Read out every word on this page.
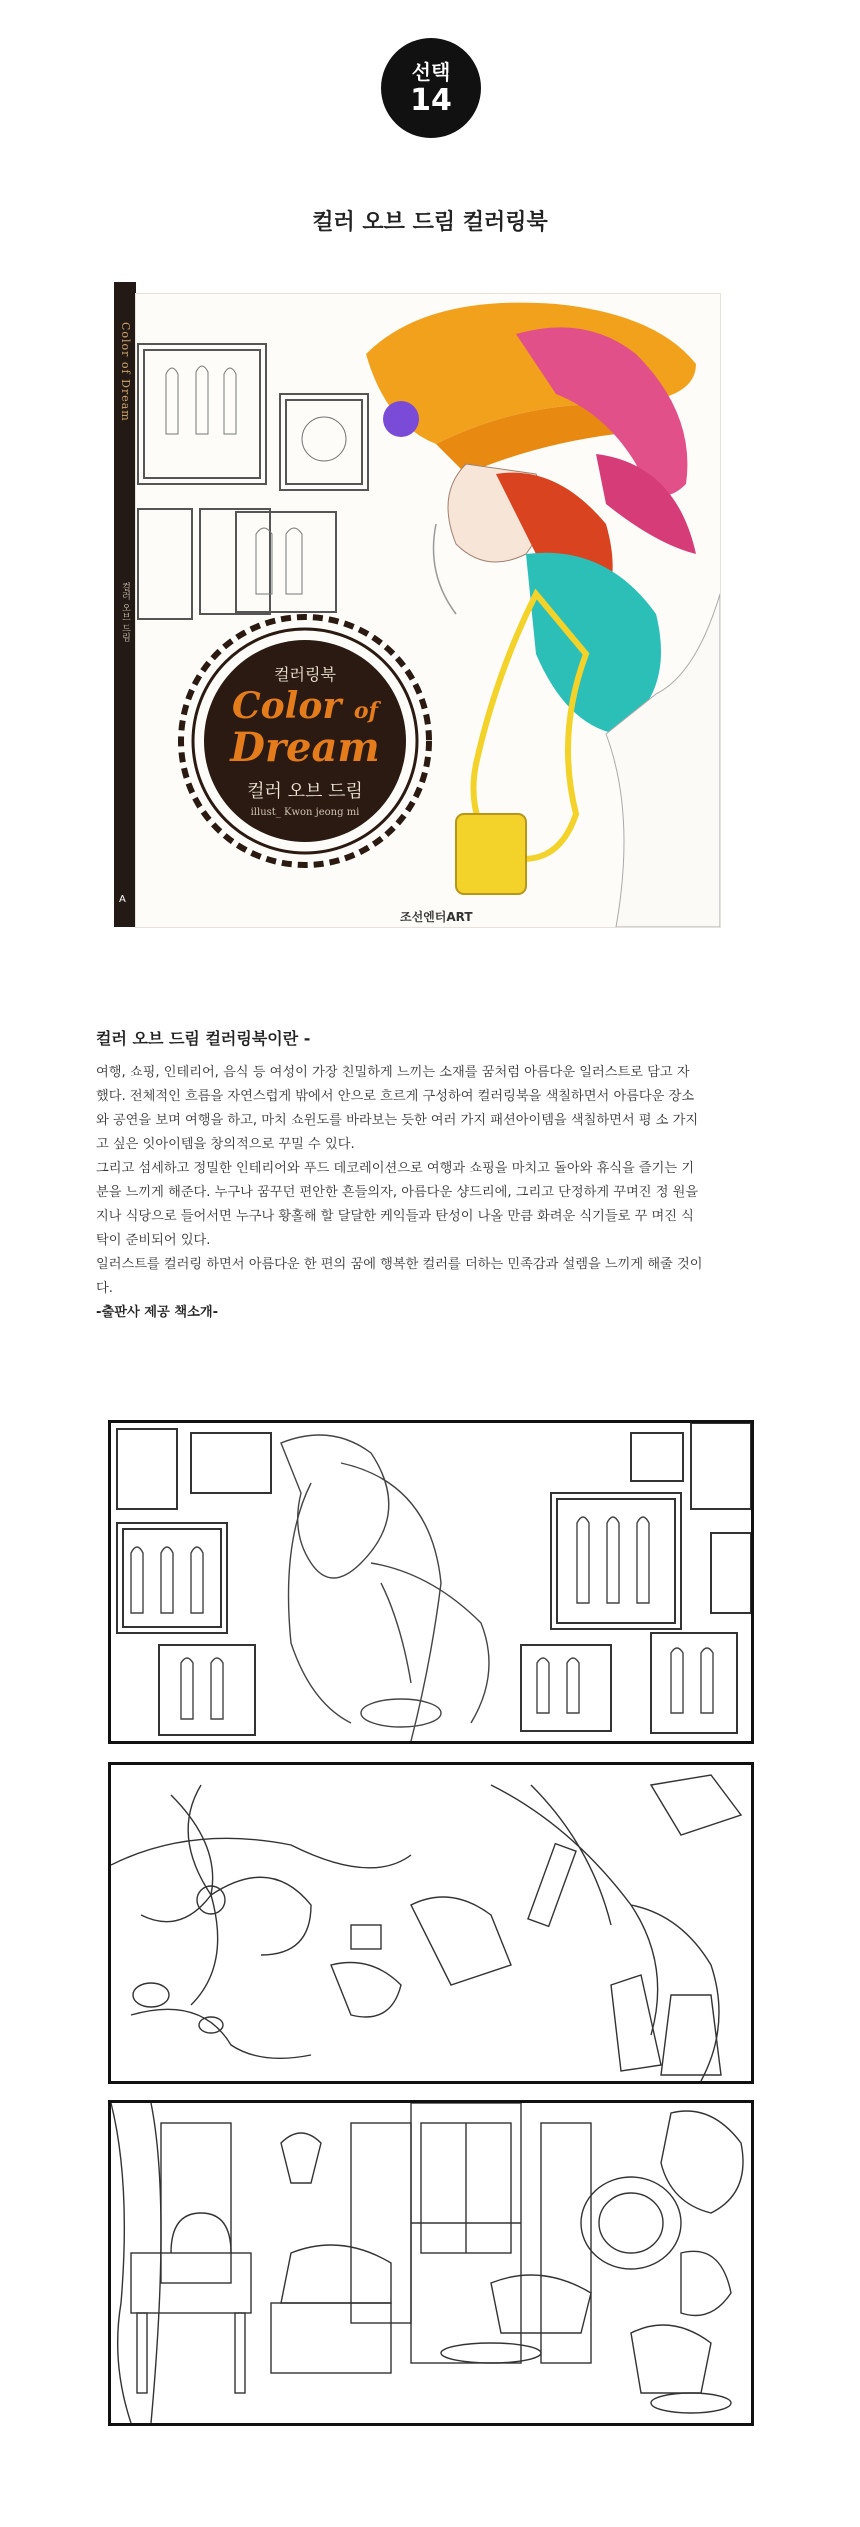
선택
14
컬러 오브 드림 컬러링북
Color of Dream
컬러 오브 드림
A
컬러링북
Color of
Dream
컬러 오브 드림
illust_ Kwon jeong mi
조선엔터ART

컬러 오브 드림 컬러링북이란 -

여행, 쇼핑, 인테리어, 음식 등 여성이 가장 친밀하게 느끼는 소재를 꿈처럼 아름다운 일러스트로 담고 자 했다. 전체적인 흐름을 자연스럽게 밖에서 안으로 흐르게 구성하여 컬러링북을 색칠하면서 아름다운 장소와 공연을 보며 여행을 하고, 마치 쇼윈도를 바라보는 듯한 여러 가지 패션아이템을 색칠하면서 평 소 가지고 싶은 잇아이템을 창의적으로 꾸밀 수 있다.

그리고 섬세하고 정밀한 인테리어와 푸드 데코레이션으로 여행과 쇼핑을 마치고 돌아와 휴식을 즐기는 기분을 느끼게 해준다. 누구나 꿈꾸던 편안한 흔들의자, 아름다운 샹드리에, 그리고 단정하게 꾸며진 정 원을 지나 식당으로 들어서면 누구나 황홀해 할 달달한 케익들과 탄성이 나올 만큼 화려운 식기들로 꾸 며진 식탁이 준비되어 있다.

일러스트를 컬러링 하면서 아름다운 한 편의 꿈에 행복한 컬러를 더하는 민족감과 설렘을 느끼게 해줄 것이다.

-출판사 제공 책소개-
